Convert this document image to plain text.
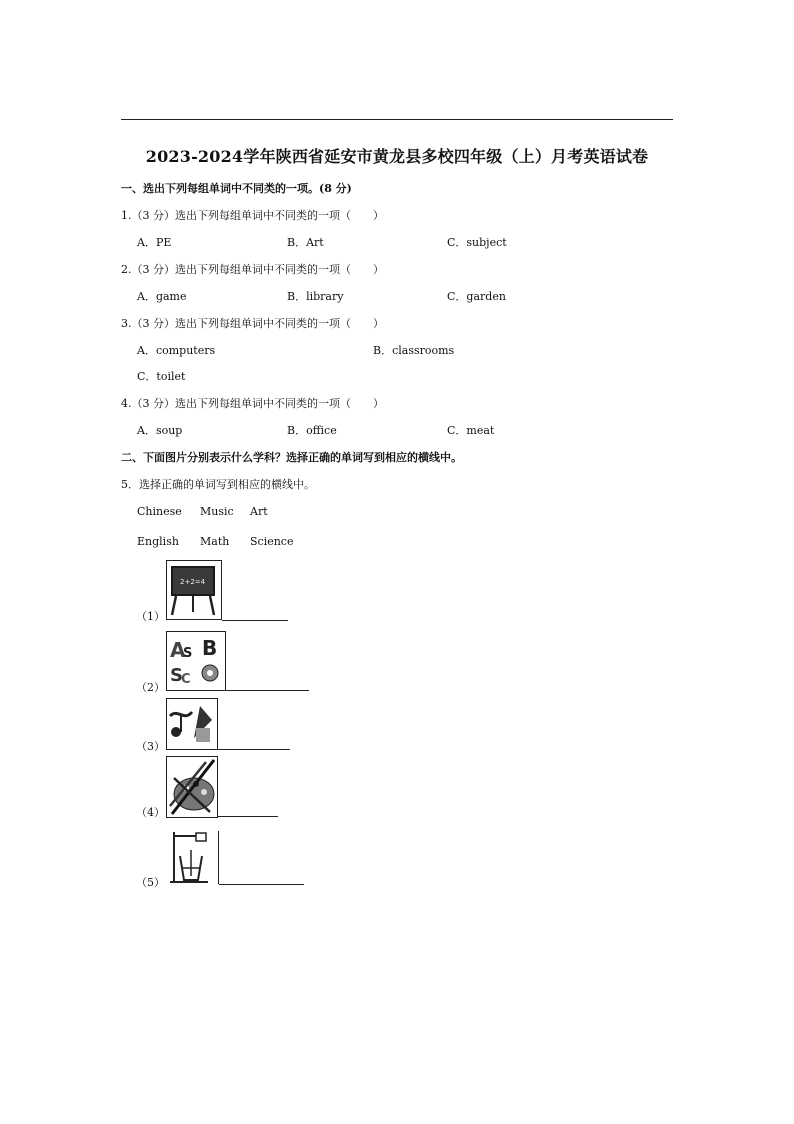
2023-2024学年陕西省延安市黄龙县多校四年级（上）月考英语试卷
一、选出下列每组单词中不同类的一项。(8 分)
1.（3 分）选出下列每组单词中不同类的一项（　　）
A．PE	B．Art	C．subject
2.（3 分）选出下列每组单词中不同类的一项（　　）
A．game	B．library	C．garden
3.（3 分）选出下列每组单词中不同类的一项（　　）
A．computers	B．classrooms
C．toilet
4.（3 分）选出下列每组单词中不同类的一项（　　）
A．soup	B．office	C．meat
二、下面图片分别表示什么学科？选择正确的单词写到相应的横线中。
5．选择正确的单词写到相应的横线中。
Chinese Music Art
English Math Science
（1）
2+2=4
（2）
A
S B
S
C
（3）
（4）
（5）
